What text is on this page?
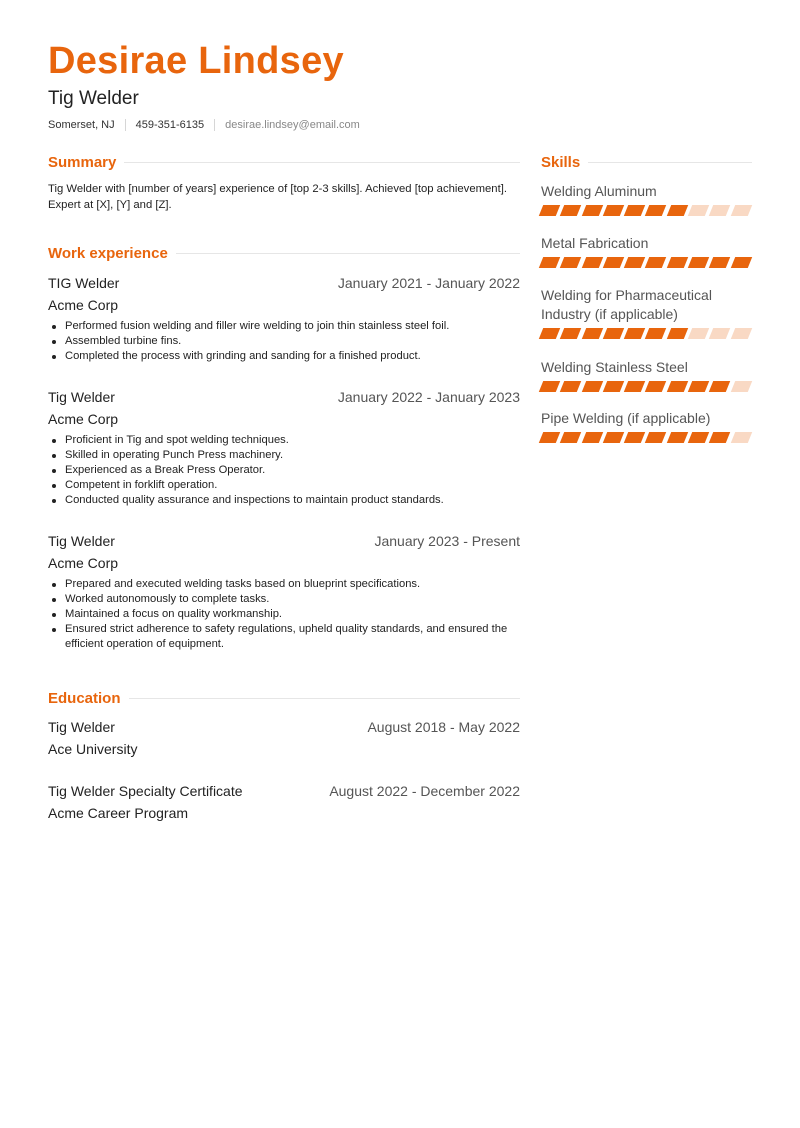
Desirae Lindsey
Tig Welder
Somerset, NJ 459-351-6135 desirae.lindsey@email.com
Summary
Tig Welder with [number of years] experience of [top 2-3 skills]. Achieved [top achievement]. Expert at [X], [Y] and [Z].
Work experience
TIG Welder	January 2021 - January 2022
Acme Corp
Performed fusion welding and filler wire welding to join thin stainless steel foil.
Assembled turbine fins.
Completed the process with grinding and sanding for a finished product.
Tig Welder	January 2022 - January 2023
Acme Corp
Proficient in Tig and spot welding techniques.
Skilled in operating Punch Press machinery.
Experienced as a Break Press Operator.
Competent in forklift operation.
Conducted quality assurance and inspections to maintain product standards.
Tig Welder	January 2023 - Present
Acme Corp
Prepared and executed welding tasks based on blueprint specifications.
Worked autonomously to complete tasks.
Maintained a focus on quality workmanship.
Ensured strict adherence to safety regulations, upheld quality standards, and ensured the efficient operation of equipment.
Education
Tig Welder	August 2018 - May 2022
Ace University
Tig Welder Specialty Certificate	August 2022 - December 2022
Acme Career Program
Skills
Welding Aluminum
Metal Fabrication
Welding for Pharmaceutical Industry (if applicable)
Welding Stainless Steel
Pipe Welding (if applicable)
